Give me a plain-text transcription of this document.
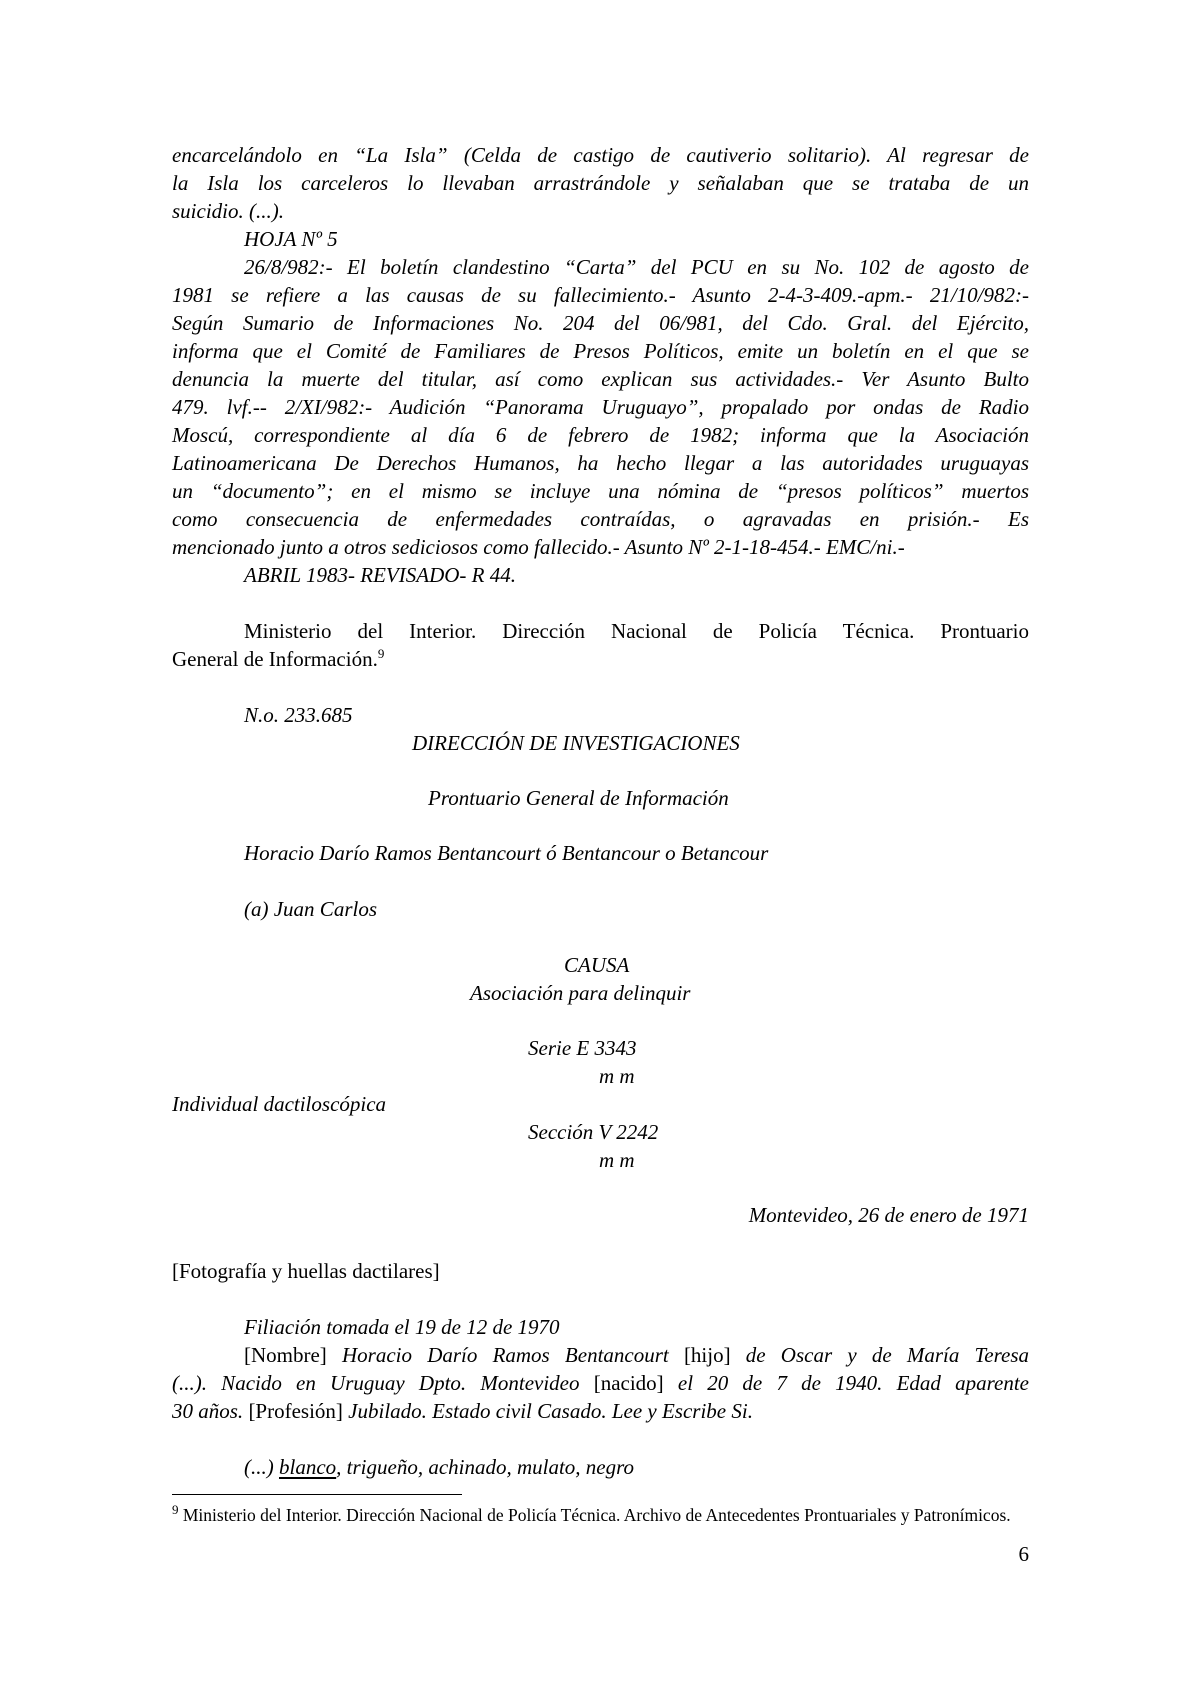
encarcelándolo en “La Isla” (Celda de castigo de cautiverio solitario). Al regresar de
la Isla los carceleros lo llevaban arrastrándole y señalaban que se trataba de un
suicidio. (...).
HOJA Nº 5
26/8/982:- El boletín clandestino “Carta” del PCU en su No. 102 de agosto de
1981 se refiere a las causas de su fallecimiento.- Asunto 2-4-3-409.-apm.- 21/10/982:-
Según Sumario de Informaciones No. 204 del 06/981, del Cdo. Gral. del Ejército,
informa que el Comité de Familiares de Presos Políticos, emite un boletín en el que se
denuncia la muerte del titular, así como explican sus actividades.- Ver Asunto Bulto
479. lvf.-- 2/XI/982:- Audición “Panorama Uruguayo”, propalado por ondas de Radio
Moscú, correspondiente al día 6 de febrero de 1982; informa que la Asociación
Latinoamericana De Derechos Humanos, ha hecho llegar a las autoridades uruguayas
un “documento”; en el mismo se incluye una nómina de “presos políticos” muertos
como consecuencia de enfermedades contraídas, o agravadas en prisión.- Es
mencionado junto a otros sediciosos como fallecido.- Asunto Nº 2-1-18-454.- EMC/ni.-
ABRIL 1983- REVISADO- R 44.
Ministerio del Interior. Dirección Nacional de Policía Técnica. Prontuario
General de Información.$^9$
N.o. 233.685
DIRECCIÓN DE INVESTIGACIONES
Prontuario General de Información
Horacio Darío Ramos Bentancourt ó Bentancour o Betancour
(a) Juan Carlos
CAUSA
Asociación para delinquir
Serie E 3343
m m
Individual dactiloscópica
Sección V 2242
m m
Montevideo, 26 de enero de 1971
[Fotografía y huellas dactilares]
Filiación tomada el 19 de 12 de 1970
[Nombre] Horacio Darío Ramos Bentancourt [hijo] de Oscar y de María Teresa
(...). Nacido en Uruguay Dpto. Montevideo [nacido] el 20 de 7 de 1940. Edad aparente
30 años. [Profesión] Jubilado. Estado civil Casado. Lee y Escribe Si.
(...) blanco, trigueño, achinado, mulato, negro
$^9$ Ministerio del Interior. Dirección Nacional de Policía Técnica. Archivo de Antecedentes Prontuariales y Patronímicos.
6
